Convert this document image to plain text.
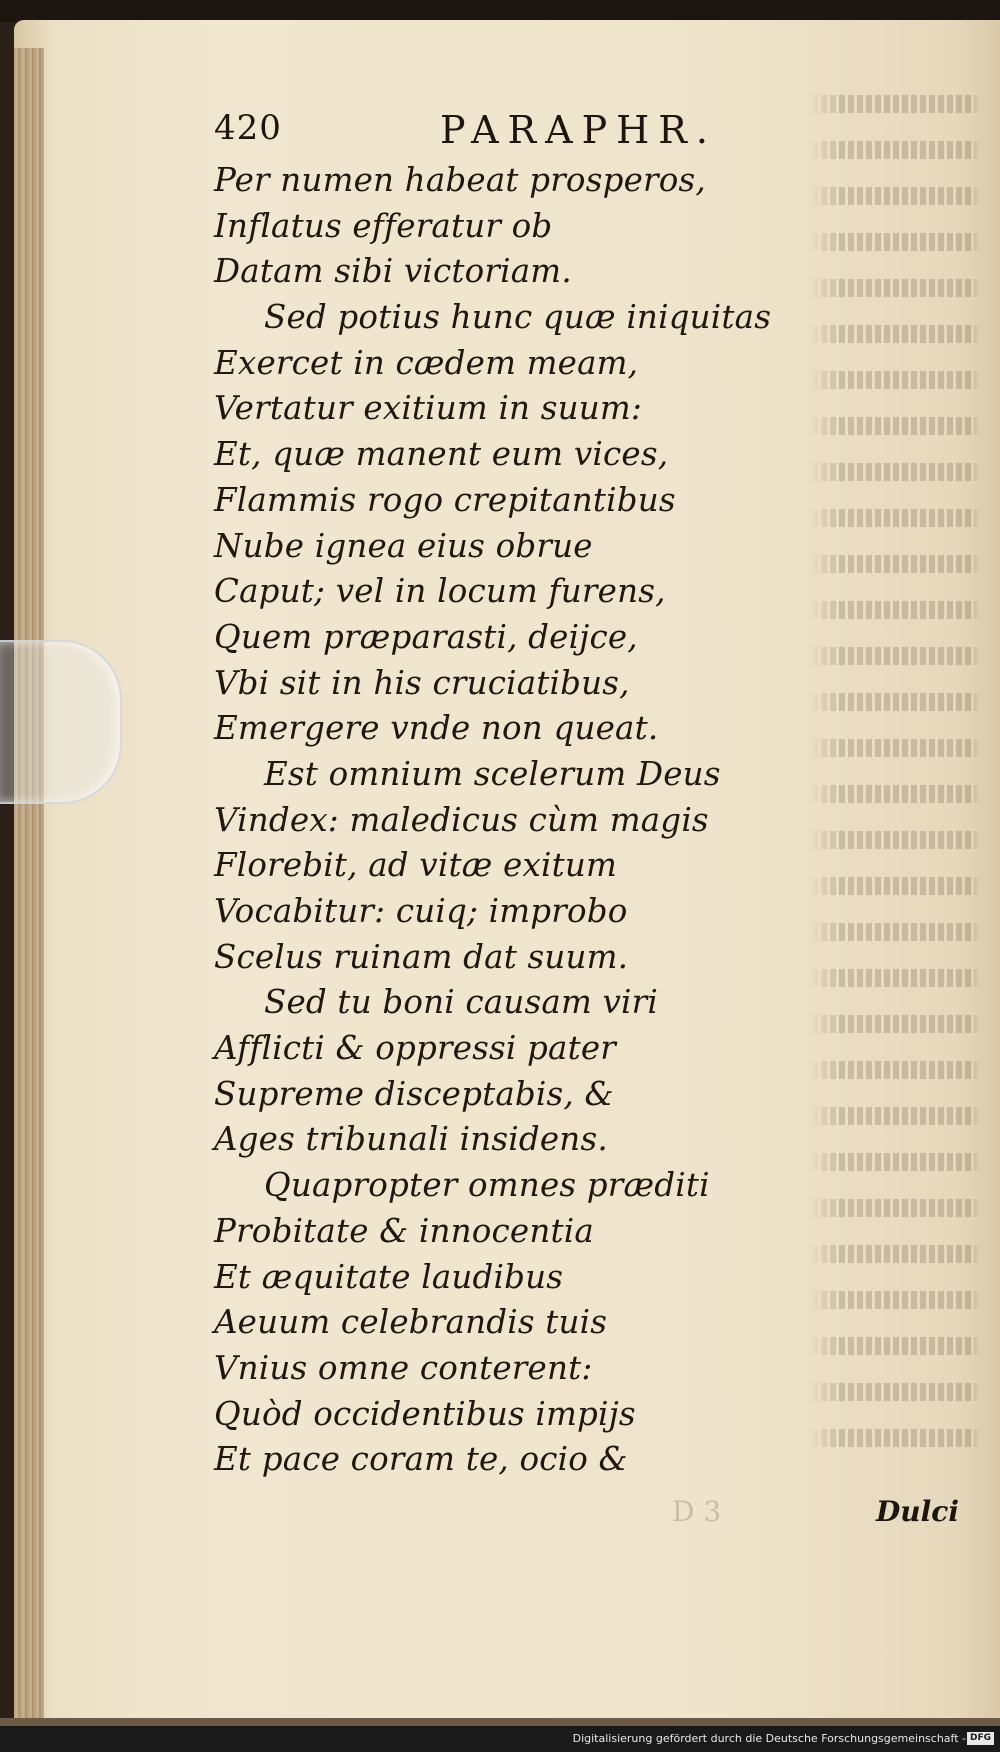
420	PARAPHR.
Per numen habeat prosperos,
Inflatus efferatur ob
Datam sibi victoriam.
Sed potius hunc quæ iniquitas
Exercet in cædem meam,
Vertatur exitium in suum:
Et, quæ manent eum vices,
Flammis rogo crepitantibus
Nube ignea eius obrue
Caput; vel in locum furens,
Quem præparasti, deijce,
Vbi sit in his cruciatibus,
Emergere vnde non queat.
Est omnium scelerum Deus
Vindex: maledicus cùm magis
Florebit, ad vitæ exitum
Vocabitur: cuiq; improbo
Scelus ruinam dat suum.
Sed tu boni causam viri
Afflicti & oppressi pater
Supreme disceptabis, &
Ages tribunali insidens.
Quapropter omnes præditi
Probitate & innocentia
Et æquitate laudibus
Aeuum celebrandis tuis
Vnius omne conterent:
Quòd occidentibus impijs
Et pace coram te, ocio &
D 3	Dulci
Digitalisierung gefördert durch die Deutsche Forschungsgemeinschaft - DFG
